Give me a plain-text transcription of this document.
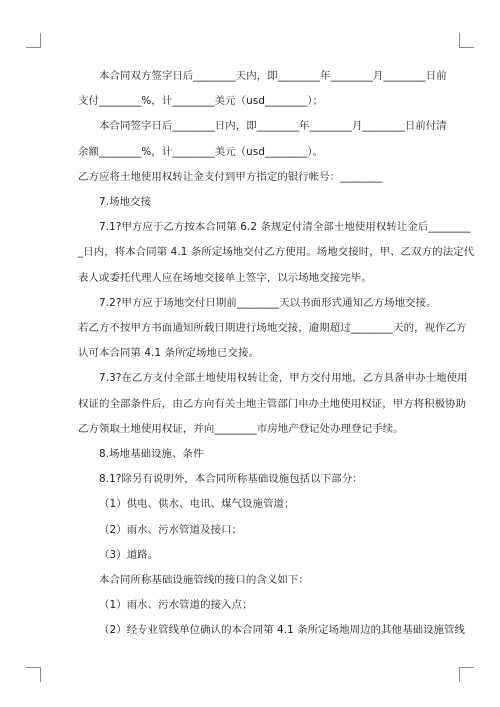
本合同双方签字日后________天内，即________年________月________日前

支付________%，计________美元（usd________）；

本合同签字日后________日内，即________年________月________日前付清

余额________%，计________美元（usd________）。

乙方应将土地使用权转让金支付到甲方指定的银行帐号：________

7.场地交接

7.1?甲方应于乙方按本合同第 6.2 条规定付清全部土地使用权转让金后________

_日内，将本合同第 4.1 条所定场地交付乙方使用。场地交接时，甲、乙双方的法定代

表人或委托代理人应在场地交接单上签字，以示场地交接完毕。

7.2?甲方应于场地交付日期前________天以书面形式通知乙方场地交接。

若乙方不按甲方书面通知所载日期进行场地交接，逾期超过________天的，视作乙方

认可本合同第 4.1 条所定场地已交接。

7.3?在乙方支付全部土地使用权转让金，甲方交付用地，乙方具备申办土地使用

权证的全部条件后，由乙方向有关土地主管部门申办土地使用权证，甲方将积极协助

乙方领取土地使用权证，并向________市房地产登记处办理登记手续。

8.场地基础设施、条件

8.1?除另有说明外，本合同所称基础设施包括以下部分：

（1）供电、供水、电讯、煤气设施管道；

（2）雨水、污水管道及接口；

（3）道路。

本合同所称基础设施管线的接口的含义如下：

（1）雨水、污水管道的接入点；

（2）经专业管线单位确认的本合同第 4.1 条所定场地周边的其他基础设施管线
